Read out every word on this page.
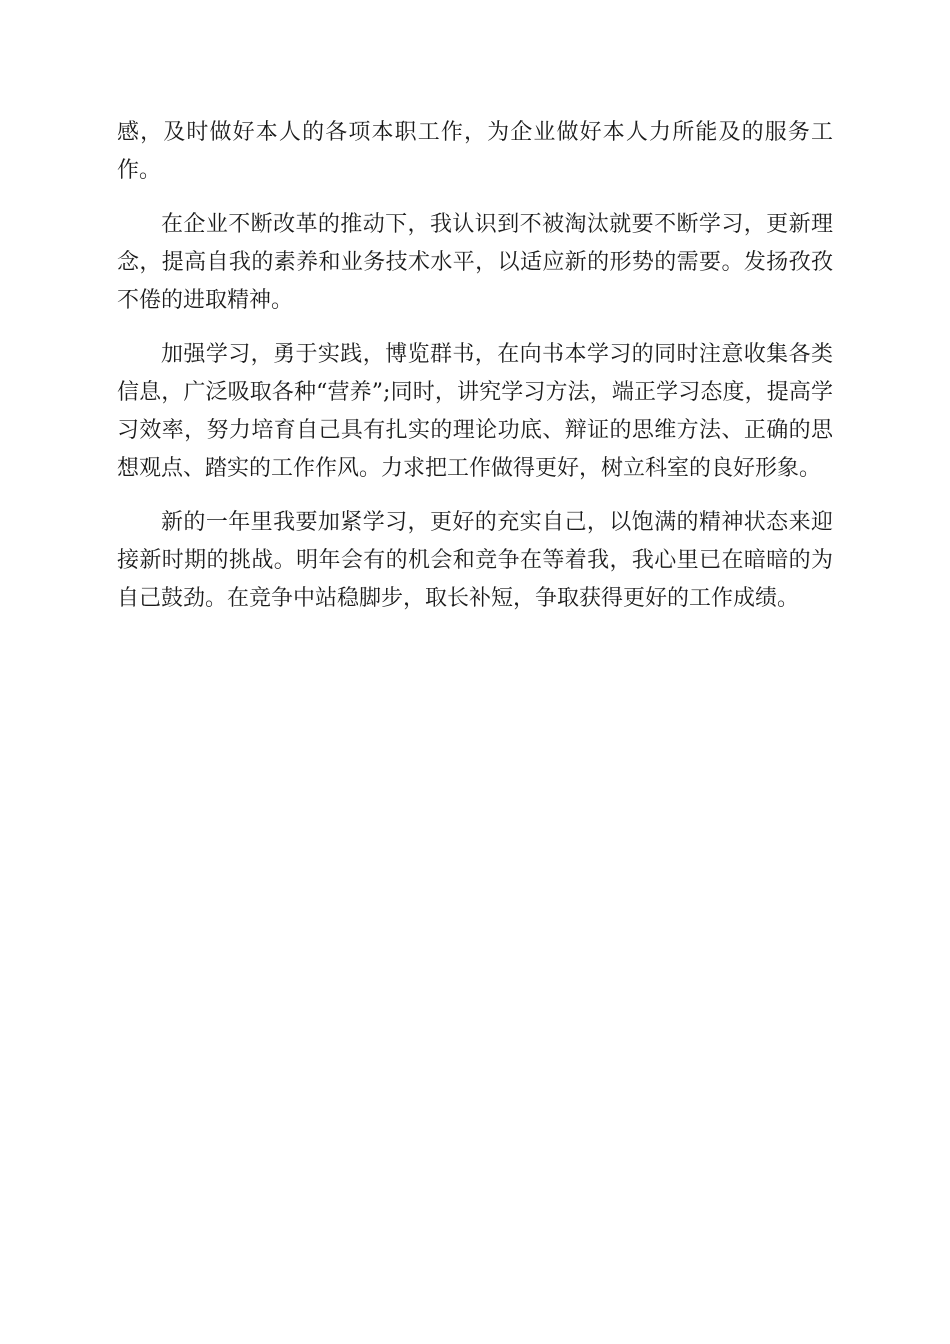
感，及时做好本人的各项本职工作，为企业做好本人力所能及的服务工作。

在企业不断改革的推动下，我认识到不被淘汰就要不断学习，更新理念，提高自我的素养和业务技术水平，以适应新的形势的需要。发扬孜孜不倦的进取精神。

加强学习，勇于实践，博览群书，在向书本学习的同时注意收集各类信息，广泛吸取各种“营养”;同时，讲究学习方法，端正学习态度，提高学习效率，努力培育自己具有扎实的理论功底、辩证的思维方法、正确的思想观点、踏实的工作作风。力求把工作做得更好，树立科室的良好形象。

新的一年里我要加紧学习，更好的充实自己，以饱满的精神状态来迎接新时期的挑战。明年会有的机会和竞争在等着我，我心里已在暗暗的为自己鼓劲。在竞争中站稳脚步，取长补短，争取获得更好的工作成绩。
